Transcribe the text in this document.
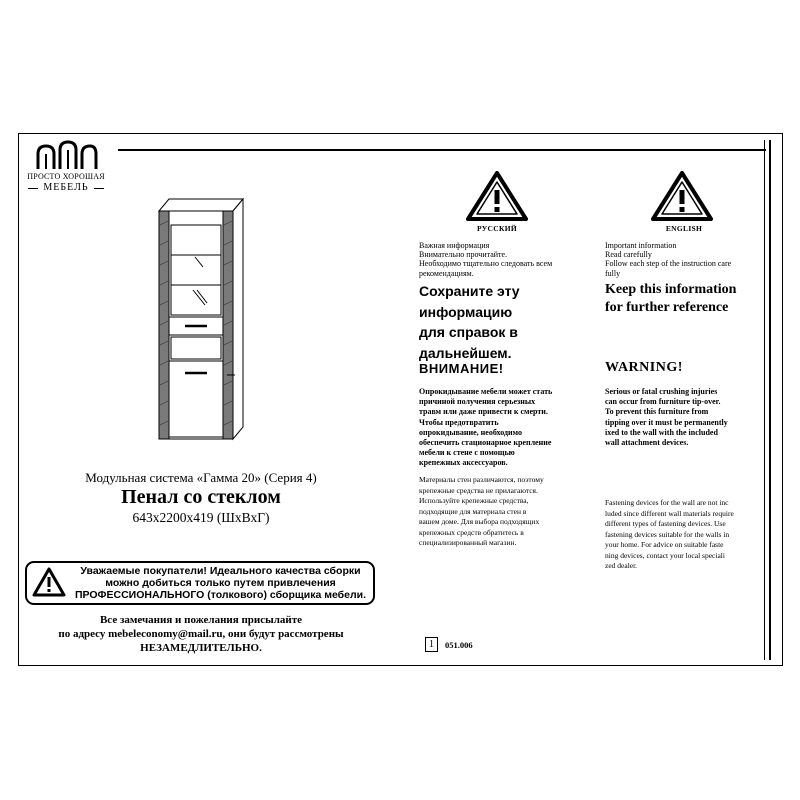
ПРОСТО ХОРОШАЯ
МЕБЕЛЬ
Модульная система «Гамма 20» (Серия 4)
Пенал со стеклом
643х2200х419 (ШхВхГ)
Уважаемые покупатели! Идеального качества сборки
можно добиться только путем привлечения
ПРОФЕССИОНАЛЬНОГО (толкового) сборщика мебели.
Все замечания и пожелания присылайте
по адресу mebeleconomy@mail.ru, они будут рассмотрены
НЕЗАМЕДЛИТЕЛЬНО.	1	051.006
РУССКИЙ
Важная информация
Внимательно прочитайте.
Необходимо тщательно следовать всем
рекомендациям.
Сохраните эту
информацию
для справок в
дальнейшем.
ВНИМАНИЕ!
Опрокидывание мебели может стать
причиной получения серьезных
травм или даже привести к смерти.
Чтобы предотвратить
опрокидывание, необходимо
обеспечить стационарное крепление
мебели к стене с помощью
крепежных аксессуаров.
Материалы стен различаются, поэтому
крепежные средства не прилагаются.
Используйте крепежные средства,
подходящие для материала стен в
вашем доме. Для выбора подходящих
крепежных средств обратитесь в
специализированный магазин.
ENGLISH
Important information
Read carefully
Follow each step of the instruction care
fully
Keep this information
for further reference
WARNING!
Serious or fatal crushing injuries
can occur from furniture tip-over.
To prevent this furniture from
tipping over it must be permanently
ixed to the wall with the included
wall attachment devices.
Fastening devices for the wall are not inc
luded since different wall materials require
different types of fastening devices. Use
fastening devices suitable for the walls in
your home. For advice on suitable faste
ning devices, contact your local speciali
zed dealer.
